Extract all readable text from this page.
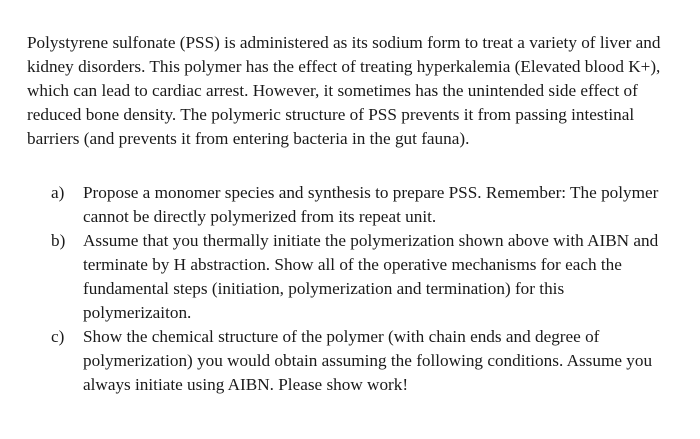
Polystyrene sulfonate (PSS) is administered as its sodium form to treat a variety of liver and kidney disorders. This polymer has the effect of treating hyperkalemia (Elevated blood K+), which can lead to cardiac arrest. However, it sometimes has the unintended side effect of reduced bone density. The polymeric structure of PSS prevents it from passing intestinal barriers (and prevents it from entering bacteria in the gut fauna).

a)	Propose a monomer species and synthesis to prepare PSS. Remember: The polymer cannot be directly polymerized from its repeat unit.
b)	Assume that you thermally initiate the polymerization shown above with AIBN and terminate by H abstraction. Show all of the operative mechanisms for each the fundamental steps (initiation, polymerization and termination) for this polymerizaiton.
c)	Show the chemical structure of the polymer (with chain ends and degree of polymerization) you would obtain assuming the following conditions. Assume you always initiate using AIBN. Please show work!
